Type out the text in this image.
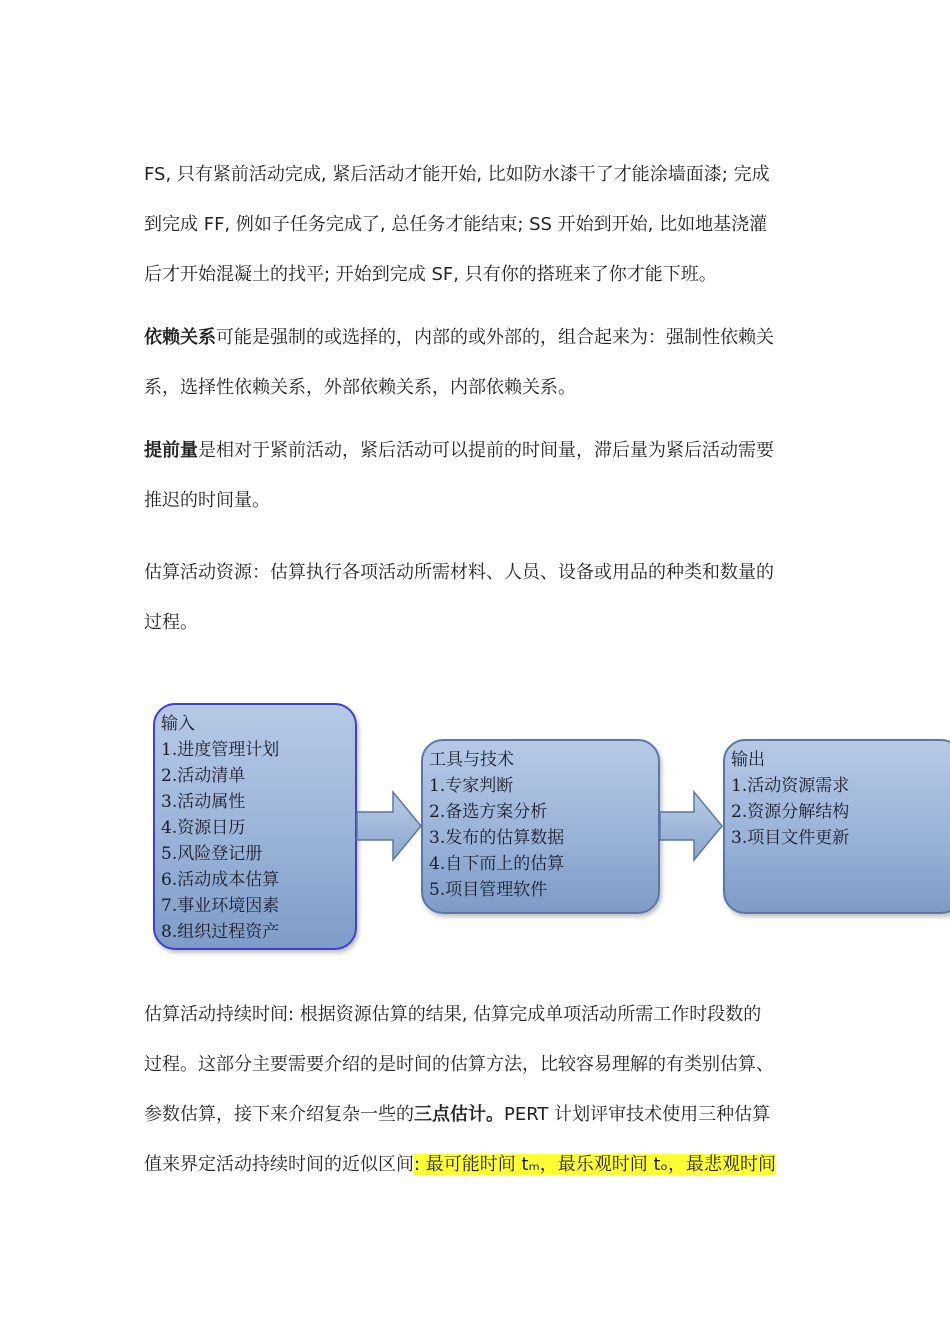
FS, 只有紧前活动完成, 紧后活动才能开始, 比如防水漆干了才能涂墙面漆; 完成
到完成 FF, 例如子任务完成了, 总任务才能结束; SS 开始到开始, 比如地基浇灌
后才开始混凝土的找平; 开始到完成 SF, 只有你的搭班来了你才能下班。

依赖关系可能是强制的或选择的，内部的或外部的，组合起来为：强制性依赖关
系，选择性依赖关系，外部依赖关系，内部依赖关系。

提前量是相对于紧前活动，紧后活动可以提前的时间量，滞后量为紧后活动需要
推迟的时间量。

估算活动资源：估算执行各项活动所需材料、人员、设备或用品的种类和数量的
过程。

输入
1.进度管理计划
2.活动清单
3.活动属性
4.资源日历
5.风险登记册
6.活动成本估算
7.事业环境因素
8.组织过程资产
工具与技术
1.专家判断
2.备选方案分析
3.发布的估算数据
4.自下而上的估算
5.项目管理软件
输出
1.活动资源需求
2.资源分解结构
3.项目文件更新

估算活动持续时间: 根据资源估算的结果, 估算完成单项活动所需工作时段数的
过程。这部分主要需要介绍的是时间的估算方法，比较容易理解的有类别估算、
参数估算，接下来介绍复杂一些的三点估计。PERT 计划评审技术使用三种估算
值来界定活动持续时间的近似区间: 最可能时间 tₘ，最乐观时间 tₒ，最悲观时间
